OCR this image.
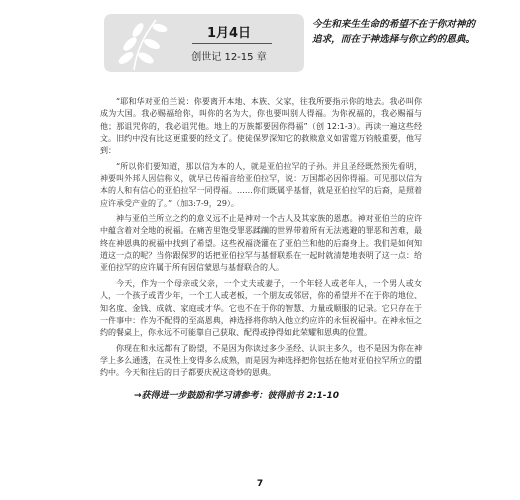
1月4日
创世记 12-15 章
今生和来生生命的希望不在于你对神的追求，而在于神选择与你立约的恩典。

“耶和华对亚伯兰说：你要离开本地、本族、父家，往我所要指示你的地去。我必叫你成为大国。我必赐福给你，叫你的名为大，你也要叫别人得福。为你祝福的，我必赐福与他；那诅咒你的，我必诅咒他。地上的万族都要因你得福”（创 12:1-3）。再读一遍这些经文。旧约中没有比这更重要的经文了。使徒保罗深知它的救赎意义如雷霆万钧般重要，他写到：

“所以你们要知道，那以信为本的人，就是亚伯拉罕的子孙。并且圣经既然预先看明，神要叫外邦人因信称义，就早已传福音给亚伯拉罕，说：万国都必因你得福。可见那以信为本的人和有信心的亚伯拉罕一同得福。……你们既属乎基督，就是亚伯拉罕的后裔，是照着应许承受产业的了。”（加3:7-9，29）。

神与亚伯兰所立之约的意义远不止是神对一个古人及其家族的恩惠。神对亚伯兰的应许中蕴含着对全地的祝福。在痛苦里饱受罪恶蹂躏的世界带着所有无法逃避的罪恶和苦难，最终在神恩典的祝福中找到了希望。这些祝福浇灌在了亚伯兰和他的后裔身上。我们是如何知道这一点的呢？当你跟保罗的话把亚伯拉罕与基督联系在一起时就清楚地表明了这一点：给亚伯拉罕的应许属于所有因信蒙恩与基督联合的人。

今天，作为一个母亲或父亲，一个丈夫或妻子，一个年轻人或老年人，一个男人或女人，一个孩子或青少年，一个工人或老板，一个朋友或邻居，你的希望并不在于你的地位、知名度、金钱、成就、家庭或才华。它也不在于你的智慧、力量或顺服的记录。它只存在于一件事中：作为不配得的至高恩典，神选择将你纳入他立约应许的永恒祝福中。在神永恒之约的餐桌上，你永远不可能靠自己获取、配得或挣得如此荣耀和恩典的位置。

你现在和永远都有了盼望，不是因为你读过多少圣经、认识主多久，也不是因为你在神学上多么通透，在灵性上变得多么成熟，而是因为神选择把你包括在他对亚伯拉罕所立的盟约中。今天和往后的日子都要庆祝这奇妙的恩典。

→获得进一步鼓励和学习请参考：彼得前书 2:1-10
7
